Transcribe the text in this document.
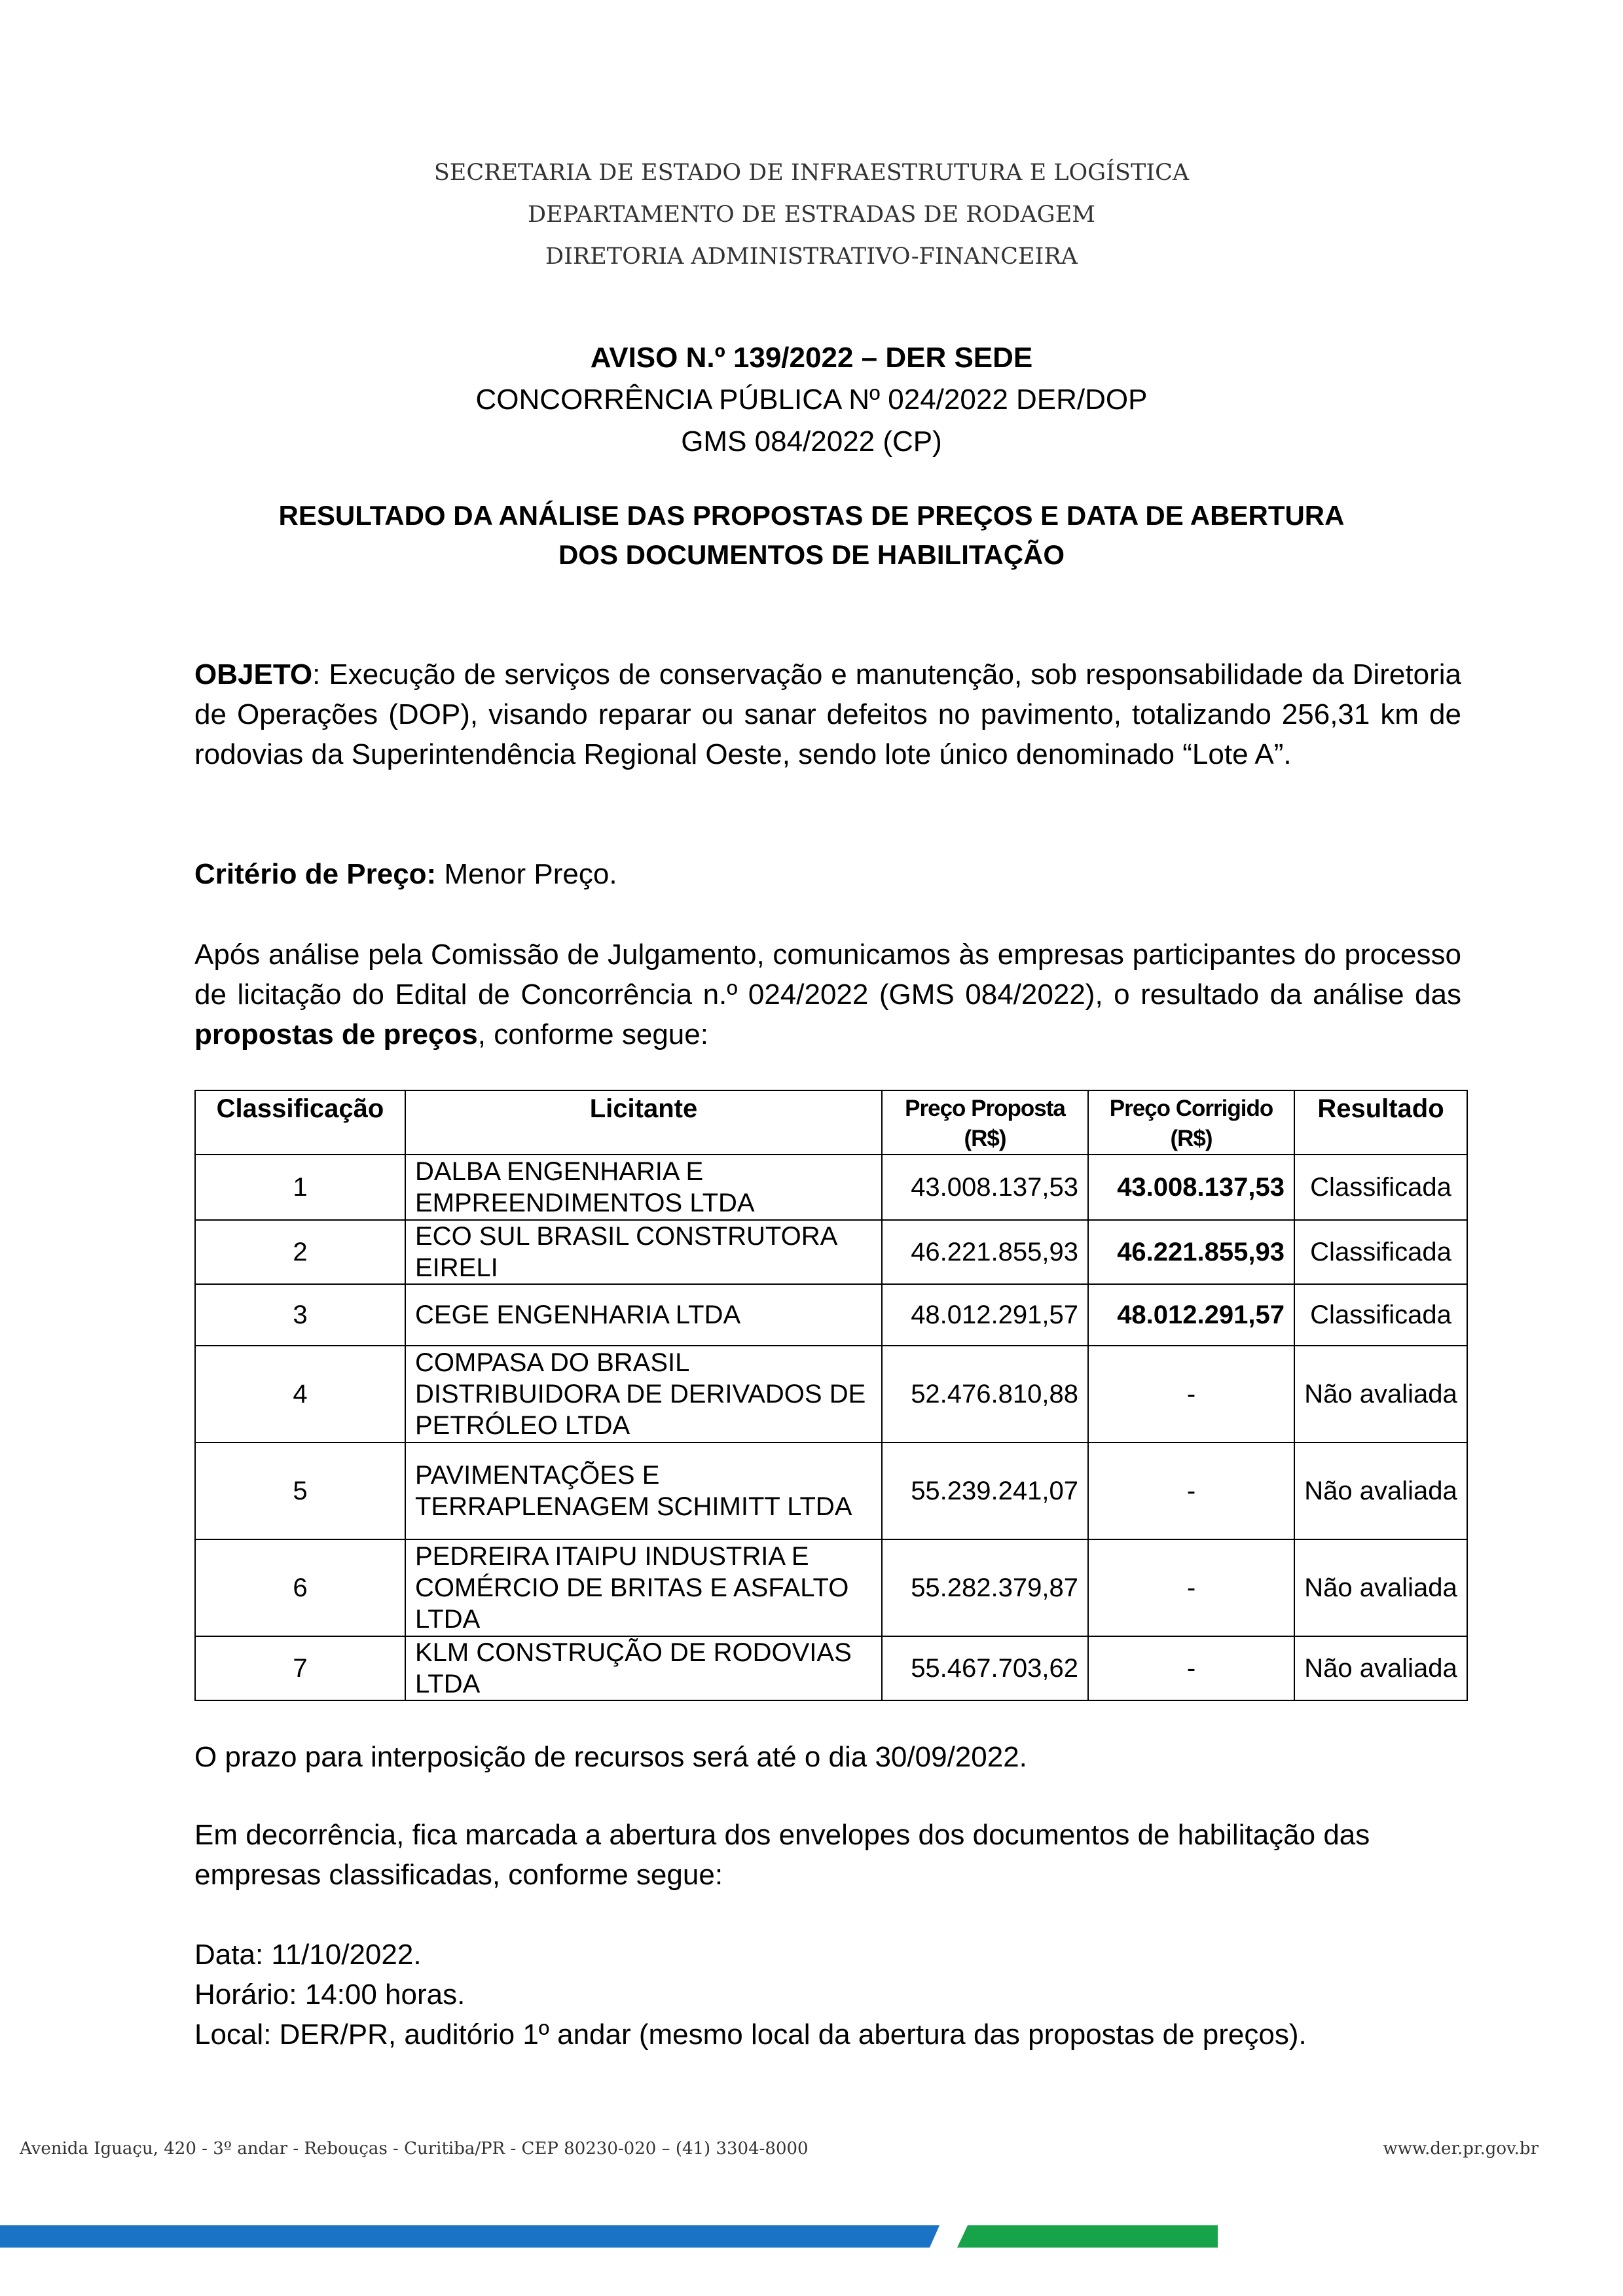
SECRETARIA DE ESTADO DE INFRAESTRUTURA E LOGÍSTICA
DEPARTAMENTO DE ESTRADAS DE RODAGEM
DIRETORIA ADMINISTRATIVO-FINANCEIRA
AVISO N.º 139/2022 – DER SEDE
CONCORRÊNCIA PÚBLICA Nº 024/2022 DER/DOP
GMS 084/2022 (CP)
RESULTADO DA ANÁLISE DAS PROPOSTAS DE PREÇOS E DATA DE ABERTURA
DOS DOCUMENTOS DE HABILITAÇÃO
OBJETO: Execução de serviços de conservação e manutenção, sob responsabilidade da Diretoria de Operações (DOP), visando reparar ou sanar defeitos no pavimento, totalizando 256,31 km de rodovias da Superintendência Regional Oeste, sendo lote único denominado “Lote A”.
Critério de Preço: Menor Preço.
Após análise pela Comissão de Julgamento, comunicamos às empresas participantes do processo de licitação do Edital de Concorrência n.º 024/2022 (GMS 084/2022), o resultado da análise das propostas de preços, conforme segue:
Classificação	Licitante	Preço Proposta (R$)	Preço Corrigido (R$)	Resultado
1	DALBA ENGENHARIA E EMPREENDIMENTOS LTDA	43.008.137,53	43.008.137,53	Classificada
2	ECO SUL BRASIL CONSTRUTORA EIRELI	46.221.855,93	46.221.855,93	Classificada
3	CEGE ENGENHARIA LTDA	48.012.291,57	48.012.291,57	Classificada
4	COMPASA DO BRASIL DISTRIBUIDORA DE DERIVADOS DE PETRÓLEO LTDA	52.476.810,88	-	Não avaliada
5	PAVIMENTAÇÕES E TERRAPLENAGEM SCHIMITT LTDA	55.239.241,07	-	Não avaliada
6	PEDREIRA ITAIPU INDUSTRIA E COMÉRCIO DE BRITAS E ASFALTO LTDA	55.282.379,87	-	Não avaliada
7	KLM CONSTRUÇÃO DE RODOVIAS LTDA	55.467.703,62	-	Não avaliada
O prazo para interposição de recursos será até o dia 30/09/2022.
Em decorrência, fica marcada a abertura dos envelopes dos documentos de habilitação das empresas classificadas, conforme segue:
Data: 11/10/2022.
Horário: 14:00 horas.
Local: DER/PR, auditório 1º andar (mesmo local da abertura das propostas de preços).
Avenida Iguaçu, 420 - 3º andar - Rebouças - Curitiba/PR - CEP 80230-020 – (41) 3304-8000	www.der.pr.gov.br
